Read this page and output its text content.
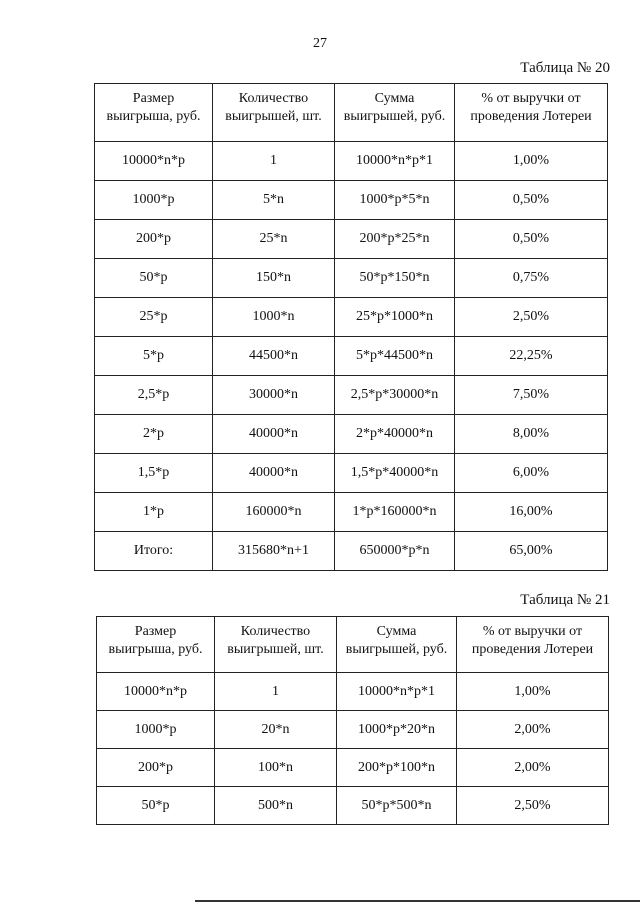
27
Таблица № 20
Размер выигрыша, руб.	Количество выигрышей, шт.	Сумма выигрышей, руб.	% от выручки от проведения Лотереи
10000*n*p	1	10000*n*p*1	1,00%
1000*p	5*n	1000*p*5*n	0,50%
200*p	25*n	200*p*25*n	0,50%
50*p	150*n	50*p*150*n	0,75%
25*p	1000*n	25*p*1000*n	2,50%
5*p	44500*n	5*p*44500*n	22,25%
2,5*p	30000*n	2,5*p*30000*n	7,50%
2*p	40000*n	2*p*40000*n	8,00%
1,5*p	40000*n	1,5*p*40000*n	6,00%
1*p	160000*n	1*p*160000*n	16,00%
Итого:	315680*n+1	650000*p*n	65,00%
Таблица № 21
Размер выигрыша, руб.	Количество выигрышей, шт.	Сумма выигрышей, руб.	% от выручки от проведения Лотереи
10000*n*p	1	10000*n*p*1	1,00%
1000*p	20*n	1000*p*20*n	2,00%
200*p	100*n	200*p*100*n	2,00%
50*p	500*n	50*p*500*n	2,50%
